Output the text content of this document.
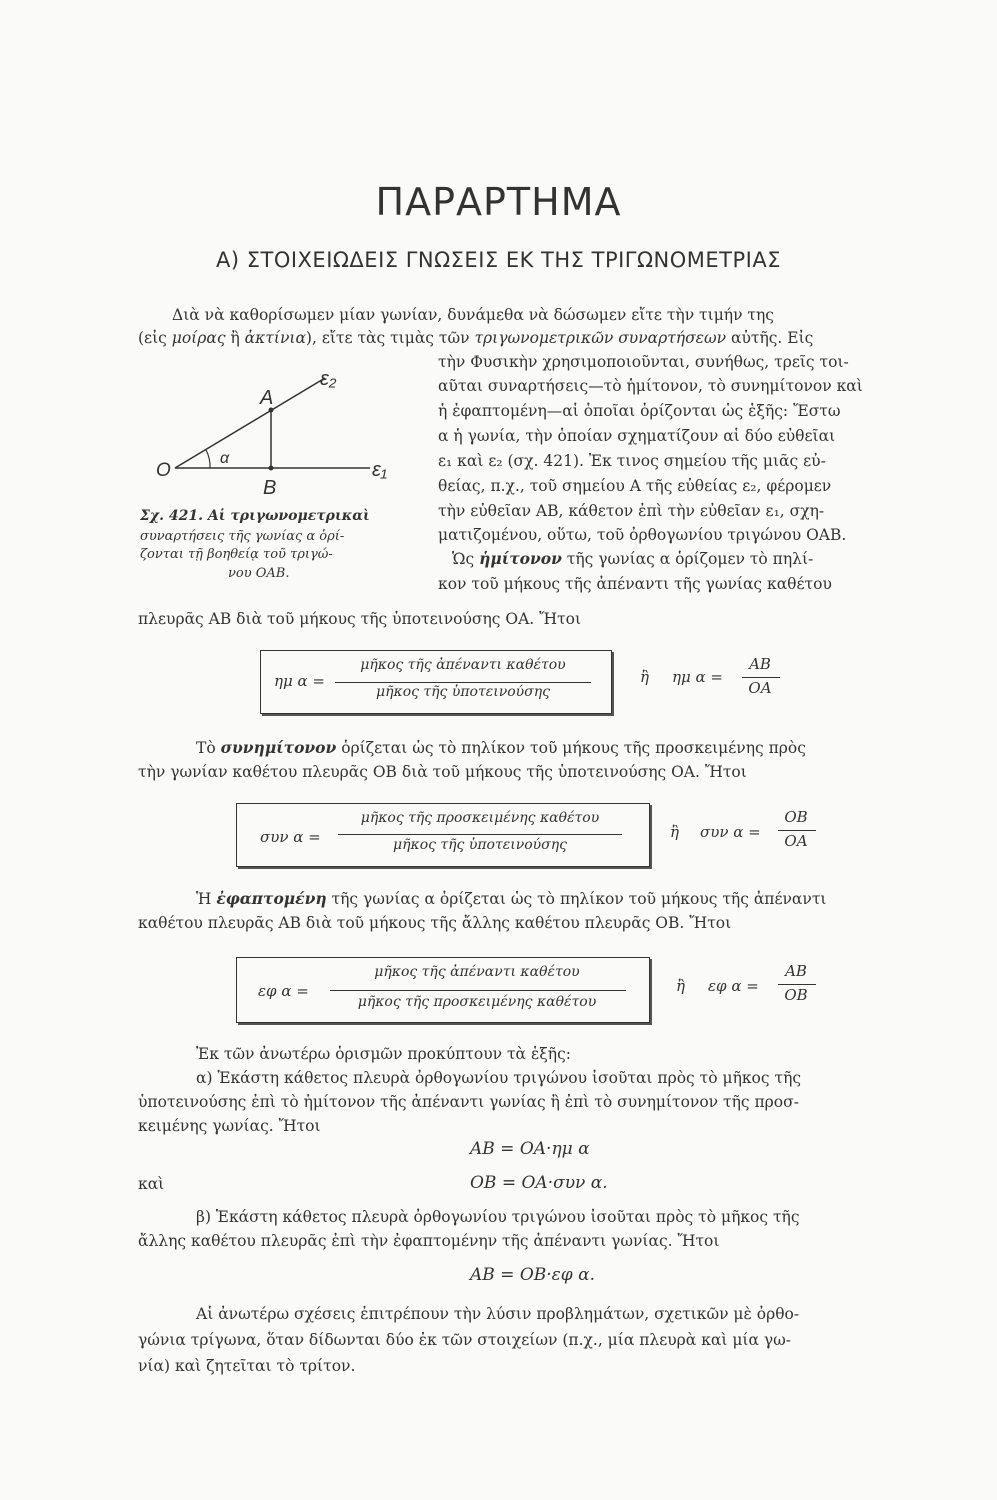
ΠΑΡΑΡΤΗΜΑ
Α) ΣΤΟΙΧΕΙΩΔΕΙΣ ΓΝΩΣΕΙΣ ΕΚ ΤΗΣ ΤΡΙΓΩΝΟΜΕΤΡΙΑΣ
Διὰ νὰ καθορίσωμεν μίαν γωνίαν, δυνάμεθα νὰ δώσωμεν εἴτε τὴν τιμήν της
(εἰς μοίρας ἢ ἀκτίνια), εἴτε τὰς τιμὰς τῶν τριγωνομετρικῶν συναρτήσεων αὐτῆς. Εἰς
τὴν Φυσικὴν χρησιμοποιοῦνται, συνήθως, τρεῖς τοι-
αῦται συναρτήσεις—τὸ ἡμίτονον, τὸ συνημίτονον καὶ
ἡ ἐφαπτομένη—αἱ ὁποῖαι ὁρίζονται ὡς ἑξῆς: Ἔστω
α ἡ γωνία, τὴν ὁποίαν σχηματίζουν αἱ δύο εὐθεῖαι
ε₁ καὶ ε₂ (σχ. 421). Ἐκ τινος σημείου τῆς μιᾶς εὐ-
θείας, π.χ., τοῦ σημείου Α τῆς εὐθείας ε₂, φέρομεν
τὴν εὐθεῖαν ΑΒ, κάθετον ἐπὶ τὴν εὐθεῖαν ε₁, σχη-
ματιζομένου, οὕτω, τοῦ ὀρθογωνίου τριγώνου ΟΑΒ.
Ὡς ἡμίτονον τῆς γωνίας α ὁρίζομεν τὸ πηλί-
κον τοῦ μήκους τῆς ἀπέναντι τῆς γωνίας καθέτου
πλευρᾶς ΑΒ διὰ τοῦ μήκους τῆς ὑποτεινούσης ΟΑ. Ἤτοι
ε₂
Α
α
Ο	ε₁
Β
Σχ. 421. Αἱ τριγωνομετρικαὶ
συναρτήσεις τῆς γωνίας α ὁρί-
ζονται τῇ βοηθείᾳ τοῦ τριγώ-
νου ΟΑΒ.
ημ α =
μῆκος τῆς ἀπέναντι καθέτου
μῆκος τῆς ὑποτεινούσης
ἢ ημ α =
ΑΒ
ΟΑ
Τὸ συνημίτονον ὁρίζεται ὡς τὸ πηλίκον τοῦ μήκους τῆς προσκειμένης πρὸς
τὴν γωνίαν καθέτου πλευρᾶς ΟΒ διὰ τοῦ μήκους τῆς ὑποτεινούσης ΟΑ. Ἤτοι
συν α =
μῆκος τῆς προσκειμένης καθέτου
μῆκος τῆς ὑποτεινούσης
ἢ συν α =
ΟΒ
ΟΑ
Ἡ ἐφαπτομένη τῆς γωνίας α ὁρίζεται ὡς τὸ πηλίκον τοῦ μήκους τῆς ἀπέναντι
καθέτου πλευρᾶς ΑΒ διὰ τοῦ μήκους τῆς ἄλλης καθέτου πλευρᾶς ΟΒ. Ἤτοι
εφ α =
μῆκος τῆς ἀπέναντι καθέτου
μῆκος τῆς προσκειμένης καθέτου
ἢ εφ α =
ΑΒ
ΟΒ
Ἐκ τῶν ἀνωτέρω ὁρισμῶν προκύπτουν τὰ ἑξῆς:
α) Ἑκάστη κάθετος πλευρὰ ὀρθογωνίου τριγώνου ἰσοῦται πρὸς τὸ μῆκος τῆς
ὑποτεινούσης ἐπὶ τὸ ἡμίτονον τῆς ἀπέναντι γωνίας ἢ ἐπὶ τὸ συνημίτονον τῆς προσ-
κειμένης γωνίας. Ἤτοι
ΑΒ = ΟΑ·ημ α
καὶ	ΟΒ = ΟΑ·συν α.
β) Ἑκάστη κάθετος πλευρὰ ὀρθογωνίου τριγώνου ἰσοῦται πρὸς τὸ μῆκος τῆς
ἄλλης καθέτου πλευρᾶς ἐπὶ τὴν ἐφαπτομένην τῆς ἀπέναντι γωνίας. Ἤτοι
ΑΒ = ΟΒ·εφ α.
Αἱ ἀνωτέρω σχέσεις ἐπιτρέπουν τὴν λύσιν προβλημάτων, σχετικῶν μὲ ὀρθο-
γώνια τρίγωνα, ὅταν δίδωνται δύο ἐκ τῶν στοιχείων (π.χ., μία πλευρὰ καὶ μία γω-
νία) καὶ ζητεῖται τὸ τρίτον.
